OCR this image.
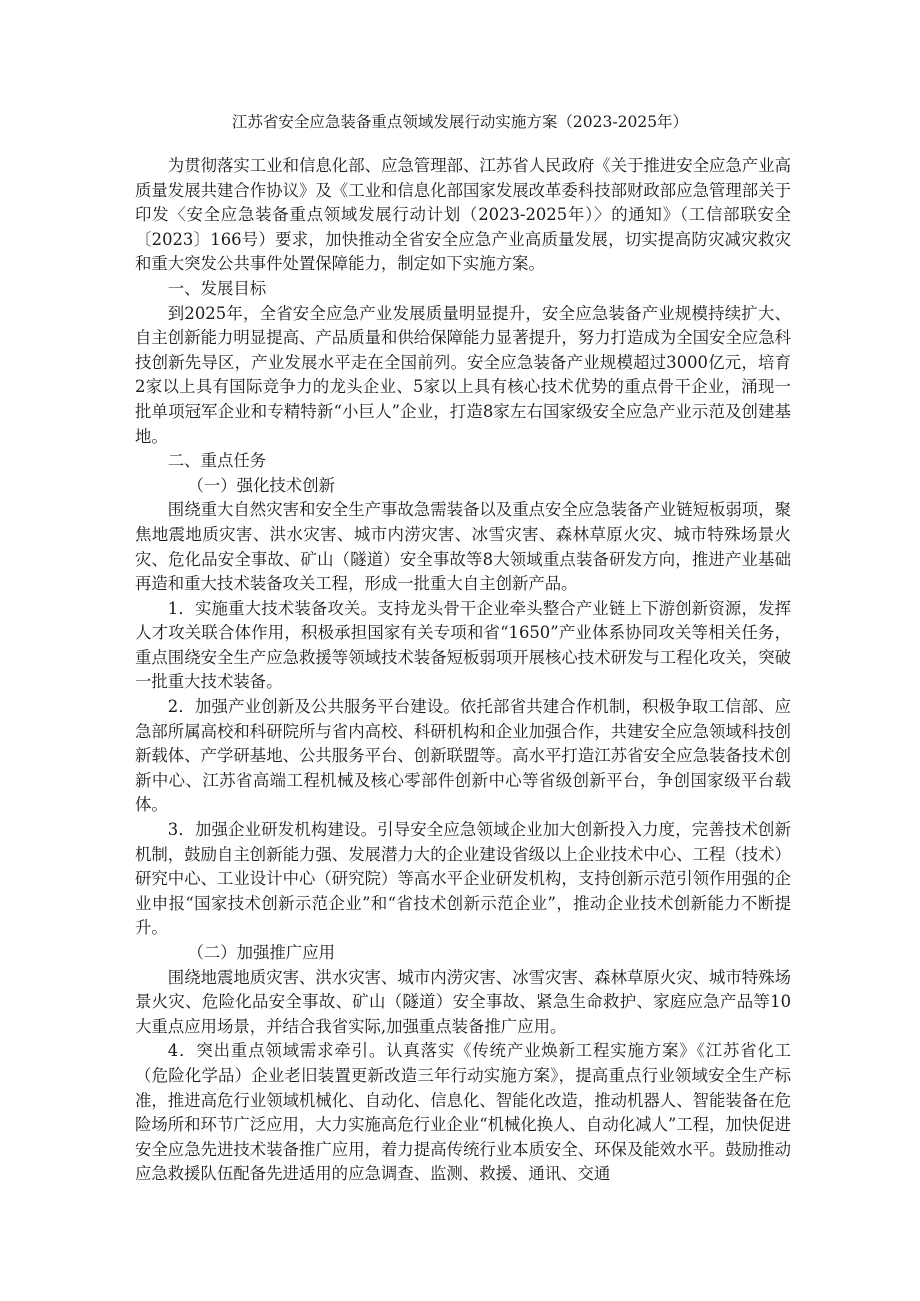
江苏省安全应急装备重点领域发展行动实施方案（2023-2025年）

为贯彻落实工业和信息化部、应急管理部、江苏省人民政府《关于推进安全应急产业高质量发展共建合作协议》及《工业和信息化部国家发展改革委科技部财政部应急管理部关于印发〈安全应急装备重点领域发展行动计划（2023-2025年）〉的通知》（工信部联安全〔2023〕166号）要求，加快推动全省安全应急产业高质量发展，切实提高防灾减灾救灾和重大突发公共事件处置保障能力，制定如下实施方案。

一、发展目标

到2025年，全省安全应急产业发展质量明显提升，安全应急装备产业规模持续扩大、自主创新能力明显提高、产品质量和供给保障能力显著提升，努力打造成为全国安全应急科技创新先导区，产业发展水平走在全国前列。安全应急装备产业规模超过3000亿元，培育2家以上具有国际竞争力的龙头企业、5家以上具有核心技术优势的重点骨干企业，涌现一批单项冠军企业和专精特新“小巨人”企业，打造8家左右国家级安全应急产业示范及创建基地。

二、重点任务

（一）强化技术创新

围绕重大自然灾害和安全生产事故急需装备以及重点安全应急装备产业链短板弱项，聚焦地震地质灾害、洪水灾害、城市内涝灾害、冰雪灾害、森林草原火灾、城市特殊场景火灾、危化品安全事故、矿山（隧道）安全事故等8大领域重点装备研发方向，推进产业基础再造和重大技术装备攻关工程，形成一批重大自主创新产品。

1．实施重大技术装备攻关。支持龙头骨干企业牵头整合产业链上下游创新资源，发挥人才攻关联合体作用，积极承担国家有关专项和省“1650”产业体系协同攻关等相关任务，重点围绕安全生产应急救援等领域技术装备短板弱项开展核心技术研发与工程化攻关，突破一批重大技术装备。

2．加强产业创新及公共服务平台建设。依托部省共建合作机制，积极争取工信部、应急部所属高校和科研院所与省内高校、科研机构和企业加强合作，共建安全应急领域科技创新载体、产学研基地、公共服务平台、创新联盟等。高水平打造江苏省安全应急装备技术创新中心、江苏省高端工程机械及核心零部件创新中心等省级创新平台，争创国家级平台载体。

3．加强企业研发机构建设。引导安全应急领域企业加大创新投入力度，完善技术创新机制，鼓励自主创新能力强、发展潜力大的企业建设省级以上企业技术中心、工程（技术）研究中心、工业设计中心（研究院）等高水平企业研发机构，支持创新示范引领作用强的企业申报“国家技术创新示范企业”和“省技术创新示范企业”，推动企业技术创新能力不断提升。

（二）加强推广应用

围绕地震地质灾害、洪水灾害、城市内涝灾害、冰雪灾害、森林草原火灾、城市特殊场景火灾、危险化品安全事故、矿山（隧道）安全事故、紧急生命救护、家庭应急产品等10大重点应用场景，并结合我省实际,加强重点装备推广应用。

4．突出重点领域需求牵引。认真落实《传统产业焕新工程实施方案》《江苏省化工（危险化学品）企业老旧装置更新改造三年行动实施方案》，提高重点行业领域安全生产标准，推进高危行业领域机械化、自动化、信息化、智能化改造，推动机器人、智能装备在危险场所和环节广泛应用，大力实施高危行业企业“机械化换人、自动化减人”工程，加快促进安全应急先进技术装备推广应用，着力提高传统行业本质安全、环保及能效水平。鼓励推动应急救援队伍配备先进适用的应急调查、监测、救援、通讯、交通
